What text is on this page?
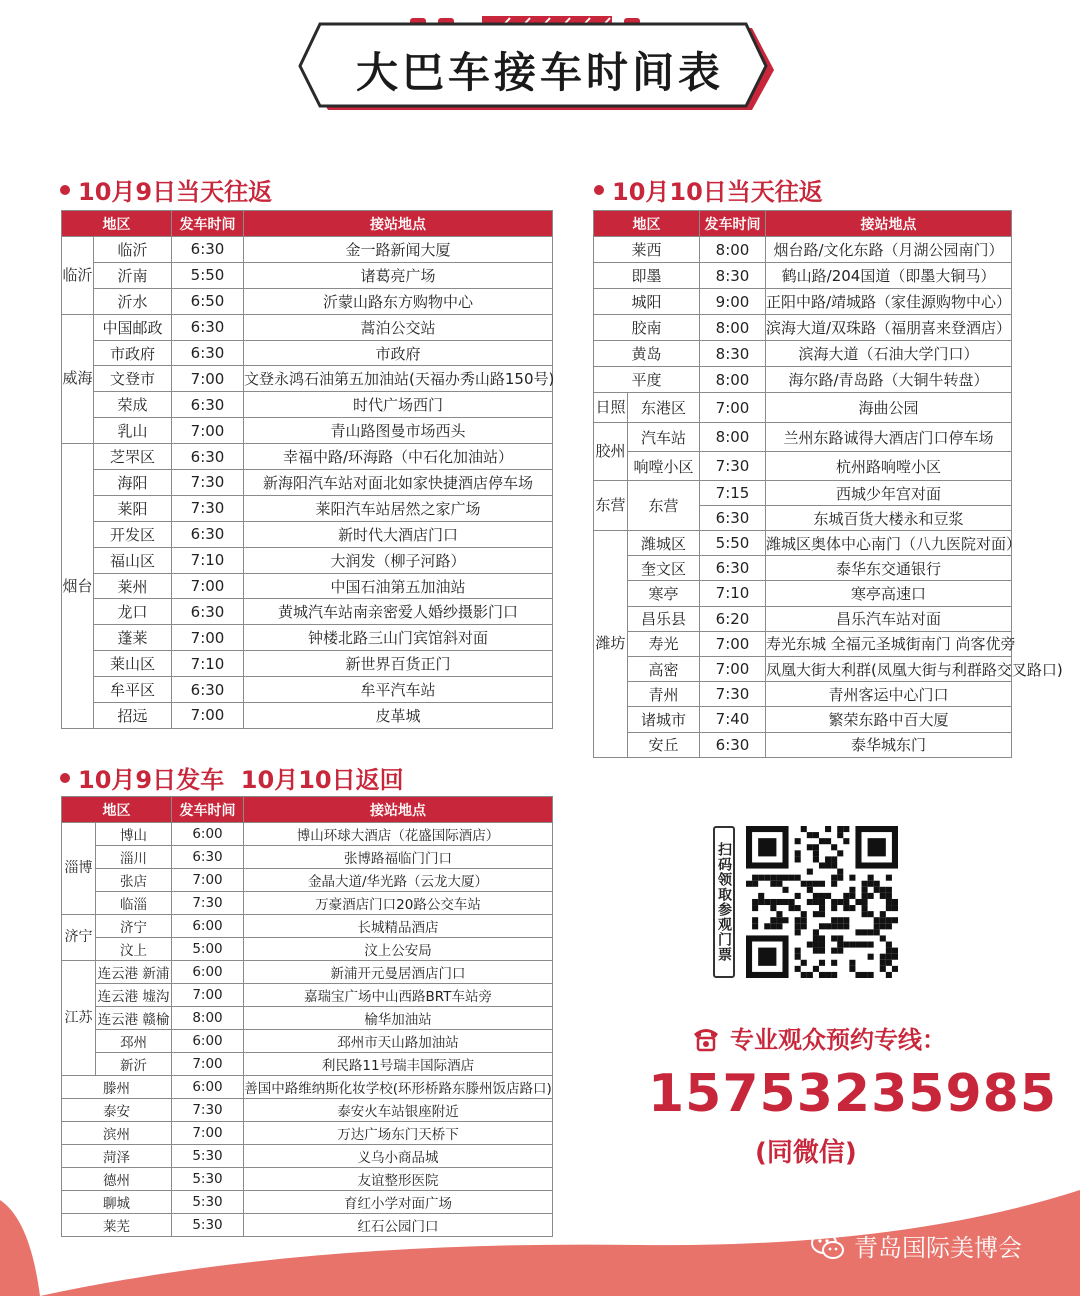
大巴车接车时间表
10月9日当天往返
地区		发车时间	接站地点
临沂	临沂	6:30	金一路新闻大厦
	沂南	5:50	诸葛亮广场
	沂水	6:50	沂蒙山路东方购物中心
威海	中国邮政	6:30	蒿泊公交站
	市政府	6:30	市政府
	文登市	7:00	文登永鸿石油第五加油站(天福办秀山路150号)
	荣成	6:30	时代广场西门
	乳山	7:00	青山路图曼市场西头
烟台	芝罘区	6:30	幸福中路/环海路（中石化加油站）
	海阳	7:30	新海阳汽车站对面北如家快捷酒店停车场
	莱阳	7:30	莱阳汽车站居然之家广场
	开发区	6:30	新时代大酒店门口
	福山区	7:10	大润发（柳子河路）
	莱州	7:00	中国石油第五加油站
	龙口	6:30	黄城汽车站南亲密爱人婚纱摄影门口
	蓬莱	7:00	钟楼北路三山门宾馆斜对面
	莱山区	7:10	新世界百货正门
	牟平区	6:30	牟平汽车站
	招远	7:00	皮革城
10月10日当天往返
地区		发车时间	接站地点
莱西		8:00	烟台路/文化东路（月湖公园南门）
即墨		8:30	鹤山路/204国道（即墨大铜马）
城阳		9:00	正阳中路/靖城路（家佳源购物中心）
胶南		8:00	滨海大道/双珠路（福朋喜来登酒店）
黄岛		8:30	滨海大道（石油大学门口）
平度		8:00	海尔路/青岛路（大铜牛转盘）
日照	东港区	7:00	海曲公园
胶州	汽车站	8:00	兰州东路诚得大酒店门口停车场
	响嘡小区	7:30	杭州路响嘡小区
东营	东营	7:15	西城少年宫对面
		6:30	东城百货大楼永和豆浆
潍坊	潍城区	5:50	潍城区奥体中心南门（八九医院对面）
	奎文区	6:30	泰华东交通银行
	寒亭	7:10	寒亭高速口
	昌乐县	6:20	昌乐汽车站对面
	寿光	7:00	寿光东城 全福元圣城街南门 尚客优旁
	高密	7:00	凤凰大街大利群(凤凰大街与利群路交叉路口)
	青州	7:30	青州客运中心门口
	诸城市	7:40	繁荣东路中百大厦
	安丘	6:30	泰华城东门
10月9日发车  10月10日返回
地区		发车时间	接站地点
淄博	博山	6:00	博山环球大酒店（花盛国际酒店）
	淄川	6:30	张博路福临门门口
	张店	7:00	金晶大道/华光路（云龙大厦）
	临淄	7:30	万豪酒店门口20路公交车站
济宁	济宁	6:00	长城精品酒店
	汶上	5:00	汶上公安局
江苏	连云港 新浦	6:00	新浦开元曼居酒店门口
	连云港 墟沟	7:00	嘉瑞宝广场中山西路BRT车站旁
	连云港 赣榆	8:00	榆华加油站
	邳州	6:00	邳州市天山路加油站
	新沂	7:00	利民路11号瑞丰国际酒店
滕州		6:00	善国中路维纳斯化妆学校(环形桥路东滕州饭店路口)
泰安		7:30	泰安火车站银座附近
滨州		7:00	万达广场东门天桥下
菏泽		5:30	义乌小商品城
德州		5:30	友谊整形医院
聊城		5:30	育红小学对面广场
莱芜		5:30	红石公园门口
扫码领取参观门票
专业观众预约专线：
15753235985
(同微信)
青岛国际美博会
